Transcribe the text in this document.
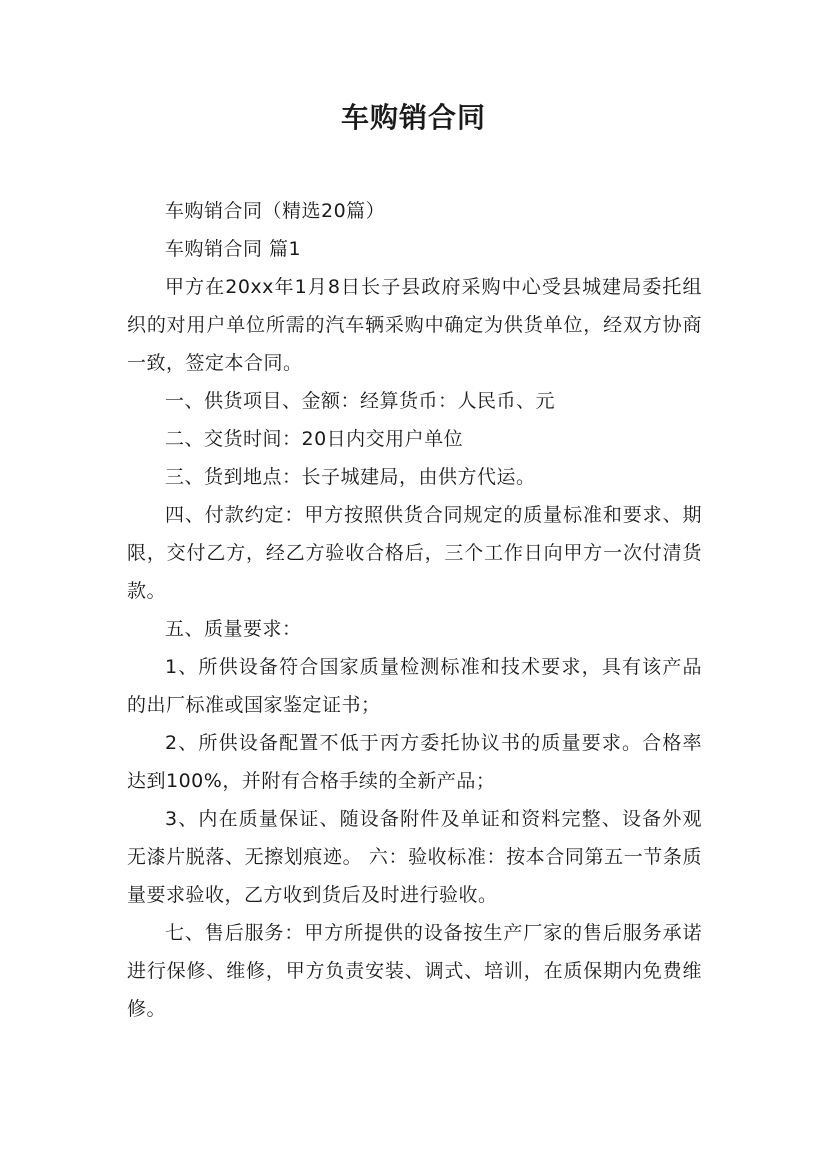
车购销合同

车购销合同（精选20篇）

车购销合同 篇1

甲方在20xx年1月8日长子县政府采购中心受县城建局委托组织的对用户单位所需的汽车辆采购中确定为供货单位，经双方协商一致，签定本合同。

一、供货项目、金额：经算货币：人民币、元

二、交货时间：20日内交用户单位

三、货到地点：长子城建局，由供方代运。

四、付款约定：甲方按照供货合同规定的质量标准和要求、期限，交付乙方，经乙方验收合格后，三个工作日向甲方一次付清货款。

五、质量要求：

1、所供设备符合国家质量检测标准和技术要求，具有该产品的出厂标准或国家鉴定证书；

2、所供设备配置不低于丙方委托协议书的质量要求。合格率达到100%，并附有合格手续的全新产品；

3、内在质量保证、随设备附件及单证和资料完整、设备外观无漆片脱落、无擦划痕迹。 六：验收标准：按本合同第五一节条质量要求验收，乙方收到货后及时进行验收。

七、售后服务：甲方所提供的设备按生产厂家的售后服务承诺进行保修、维修，甲方负责安装、调式、培训，在质保期内免费维修。
